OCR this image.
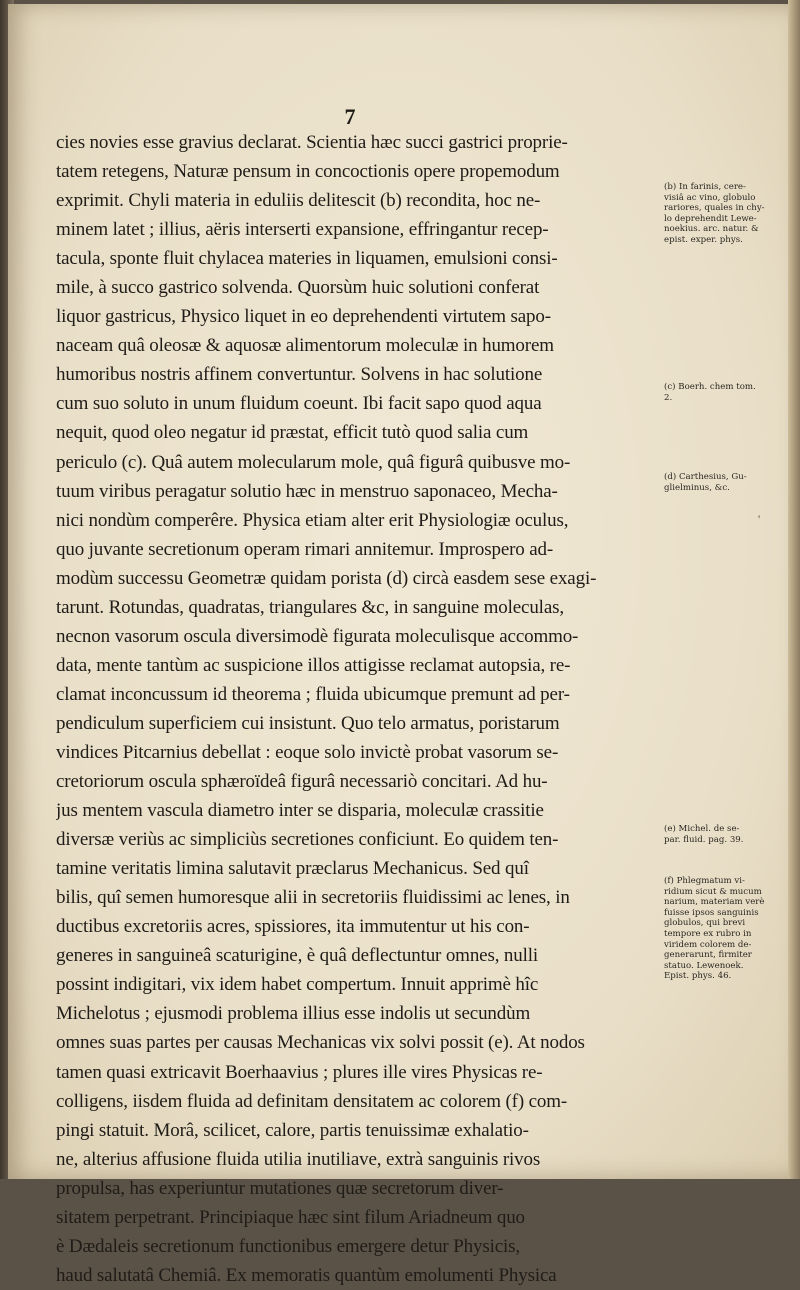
7
cies novies esse gravius declarat. Scientia hæc succi gastrici proprie-
tatem retegens, Naturæ pensum in concoctionis opere propemodum
exprimit. Chyli materia in eduliis delitescit (b) recondita, hoc ne-
minem latet ; illius, aëris interserti expansione, effringantur recep-
tacula, sponte fluit chylacea materies in liquamen, emulsioni consi-
mile, à succo gastrico solvenda. Quorsùm huic solutioni conferat
liquor gastricus, Physico liquet in eo deprehendenti virtutem sapo-
naceam quâ oleosæ & aquosæ alimentorum moleculæ in humorem
humoribus nostris affinem convertuntur. Solvens in hac solutione
cum suo soluto in unum fluidum coeunt. Ibi facit sapo quod aqua
nequit, quod oleo negatur id præstat, efficit tutò quod salia cum
periculo (c). Quâ autem molecularum mole, quâ figurâ quibusve mo-
tuum viribus peragatur solutio hæc in menstruo saponaceo, Mecha-
nici nondùm comperêre. Physica etiam alter erit Physiologiæ oculus,
quo juvante secretionum operam rimari annitemur. Improspero ad-
modùm successu Geometræ quidam porista (d) circà easdem sese exagi-
tarunt. Rotundas, quadratas, triangulares &c, in sanguine moleculas,
necnon vasorum oscula diversimodè figurata moleculisque accommo-
data, mente tantùm ac suspicione illos attigisse reclamat autopsia, re-
clamat inconcussum id theorema ; fluida ubicumque premunt ad per-
pendiculum superficiem cui insistunt. Quo telo armatus, poristarum
vindices Pitcarnius debellat : eoque solo invictè probat vasorum se-
cretoriorum oscula sphæroïdeâ figurâ necessariò concitari. Ad hu-
jus mentem vascula diametro inter se disparia, moleculæ crassitie
diversæ veriùs ac simpliciùs secretiones conficiunt. Eo quidem ten-
tamine veritatis limina salutavit præclarus Mechanicus. Sed quî
bilis, quî semen humoresque alii in secretoriis fluidissimi ac lenes, in
ductibus excretoriis acres, spissiores, ita immutentur ut his con-
generes in sanguineâ scaturigine, è quâ deflectuntur omnes, nulli
possint indigitari, vix idem habet compertum. Innuit apprimè hîc
Michelotus ; ejusmodi problema illius esse indolis ut secundùm
omnes suas partes per causas Mechanicas vix solvi possit (e). At nodos
tamen quasi extricavit Boerhaavius ; plures ille vires Physicas re-
colligens, iisdem fluida ad definitam densitatem ac colorem (f) com-
pingi statuit. Morâ, scilicet, calore, partis tenuissimæ exhalatio-
ne, alterius affusione fluida utilia inutiliave, extrà sanguinis rivos
propulsa, has experiuntur mutationes quæ secretorum diver-
sitatem perpetrant. Principiaque hæc sint filum Ariadneum quo
è Dædaleis secretionum functionibus emergere detur Physicis,
haud salutatâ Chemiâ. Ex memoratis quantùm emolumenti Physica
(b) In farinis, cere-
visiâ ac vino, globulo
rariores, quales in chy-
lo deprehendit Lewe-
noekius. arc. natur. &
epist. exper. phys.
(c) Boerh. chem tom.
2.
(d) Carthesius, Gu-
glielminus, &c.
(e) Michel. de se-
par. fluid. pag. 39.
(f) Phlegmatum vi-
ridium sicut & mucum
narium, materiam verè
fuisse ipsos sanguinis
globulos, qui brevi
tempore ex rubro in
viridem colorem de-
generarunt, firmiter
statuo. Lewenoek.
Epist. phys. 46.
'
